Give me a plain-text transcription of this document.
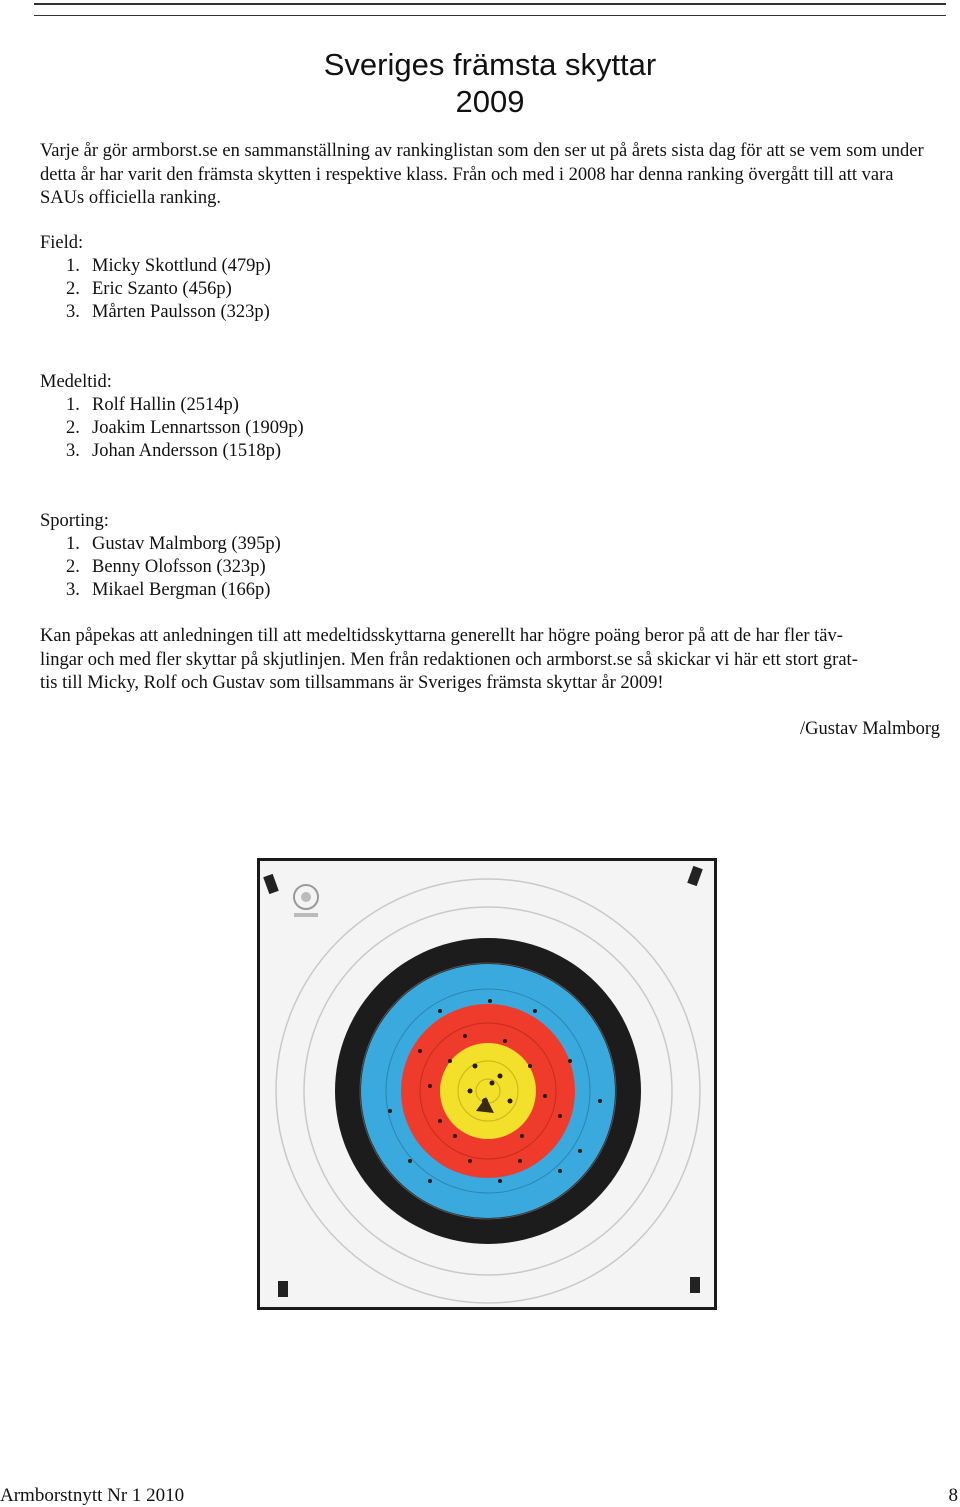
Sveriges främsta skyttar
2009
Varje år gör armborst.se en sammanställning av rankinglistan som den ser ut på årets sista dag för att se vem som under detta år har varit den främsta skytten i respektive klass. Från och med i 2008 har denna ranking övergått till att vara SAUs officiella ranking.
Field:
1. Micky Skottlund (479p)
2. Eric Szanto (456p)
3. Mårten Paulsson (323p)
Medeltid:
1. Rolf Hallin (2514p)
2. Joakim Lennartsson (1909p)
3. Johan Andersson (1518p)
Sporting:
1. Gustav Malmborg (395p)
2. Benny Olofsson (323p)
3. Mikael Bergman (166p)
Kan påpekas att anledningen till att medeltidsskyttarna generellt har högre poäng beror på att de har fler täv-
lingar och med fler skyttar på skjutlinjen. Men från redaktionen och armborst.se så skickar vi här ett stort grat-
tis till Micky, Rolf och Gustav som tillsammans är Sveriges främsta skyttar år 2009!
/Gustav Malmborg
Armborstnytt Nr 1 2010	8
